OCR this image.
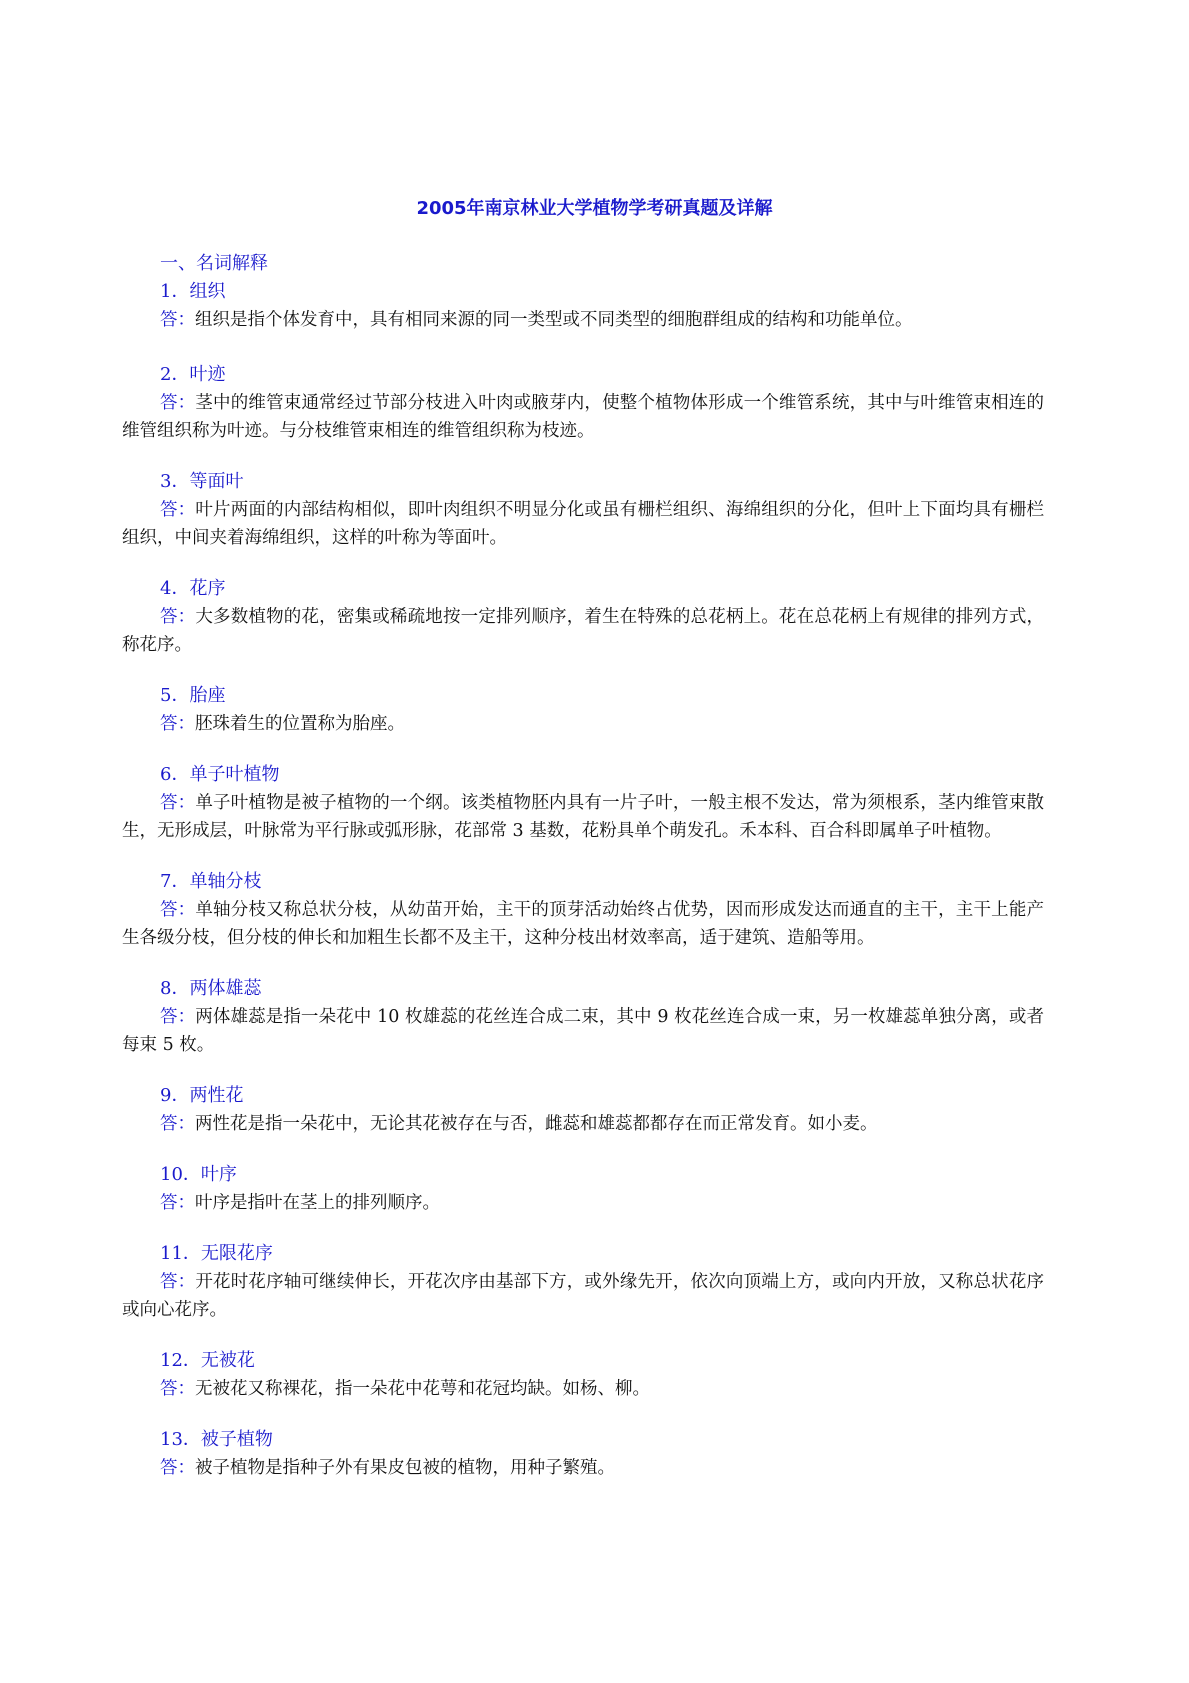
2005年南京林业大学植物学考研真题及详解

一、名词解释

1．组织

答：组织是指个体发育中，具有相同来源的同一类型或不同类型的细胞群组成的结构和功能单位。

2．叶迹

答：茎中的维管束通常经过节部分枝进入叶肉或腋芽内，使整个植物体形成一个维管系统，其中与叶维管束相连的维管组织称为叶迹。与分枝维管束相连的维管组织称为枝迹。

3．等面叶

答：叶片两面的内部结构相似，即叶肉组织不明显分化或虽有栅栏组织、海绵组织的分化，但叶上下面均具有栅栏组织，中间夹着海绵组织，这样的叶称为等面叶。

4．花序

答：大多数植物的花，密集或稀疏地按一定排列顺序，着生在特殊的总花柄上。花在总花柄上有规律的排列方式，称花序。

5．胎座

答：胚珠着生的位置称为胎座。

6．单子叶植物

答：单子叶植物是被子植物的一个纲。该类植物胚内具有一片子叶，一般主根不发达，常为须根系，茎内维管束散生，无形成层，叶脉常为平行脉或弧形脉，花部常 3 基数，花粉具单个萌发孔。禾本科、百合科即属单子叶植物。

7．单轴分枝

答：单轴分枝又称总状分枝，从幼苗开始，主干的顶芽活动始终占优势，因而形成发达而通直的主干，主干上能产生各级分枝，但分枝的伸长和加粗生长都不及主干，这种分枝出材效率高，适于建筑、造船等用。

8．两体雄蕊

答：两体雄蕊是指一朵花中 10 枚雄蕊的花丝连合成二束，其中 9 枚花丝连合成一束，另一枚雄蕊单独分离，或者每束 5 枚。

9．两性花

答：两性花是指一朵花中，无论其花被存在与否，雌蕊和雄蕊都都存在而正常发育。如小麦。

10．叶序

答：叶序是指叶在茎上的排列顺序。

11．无限花序

答：开花时花序轴可继续伸长，开花次序由基部下方，或外缘先开，依次向顶端上方，或向内开放，又称总状花序或向心花序。

12．无被花

答：无被花又称裸花，指一朵花中花萼和花冠均缺。如杨、柳。

13．被子植物

答：被子植物是指种子外有果皮包被的植物，用种子繁殖。
